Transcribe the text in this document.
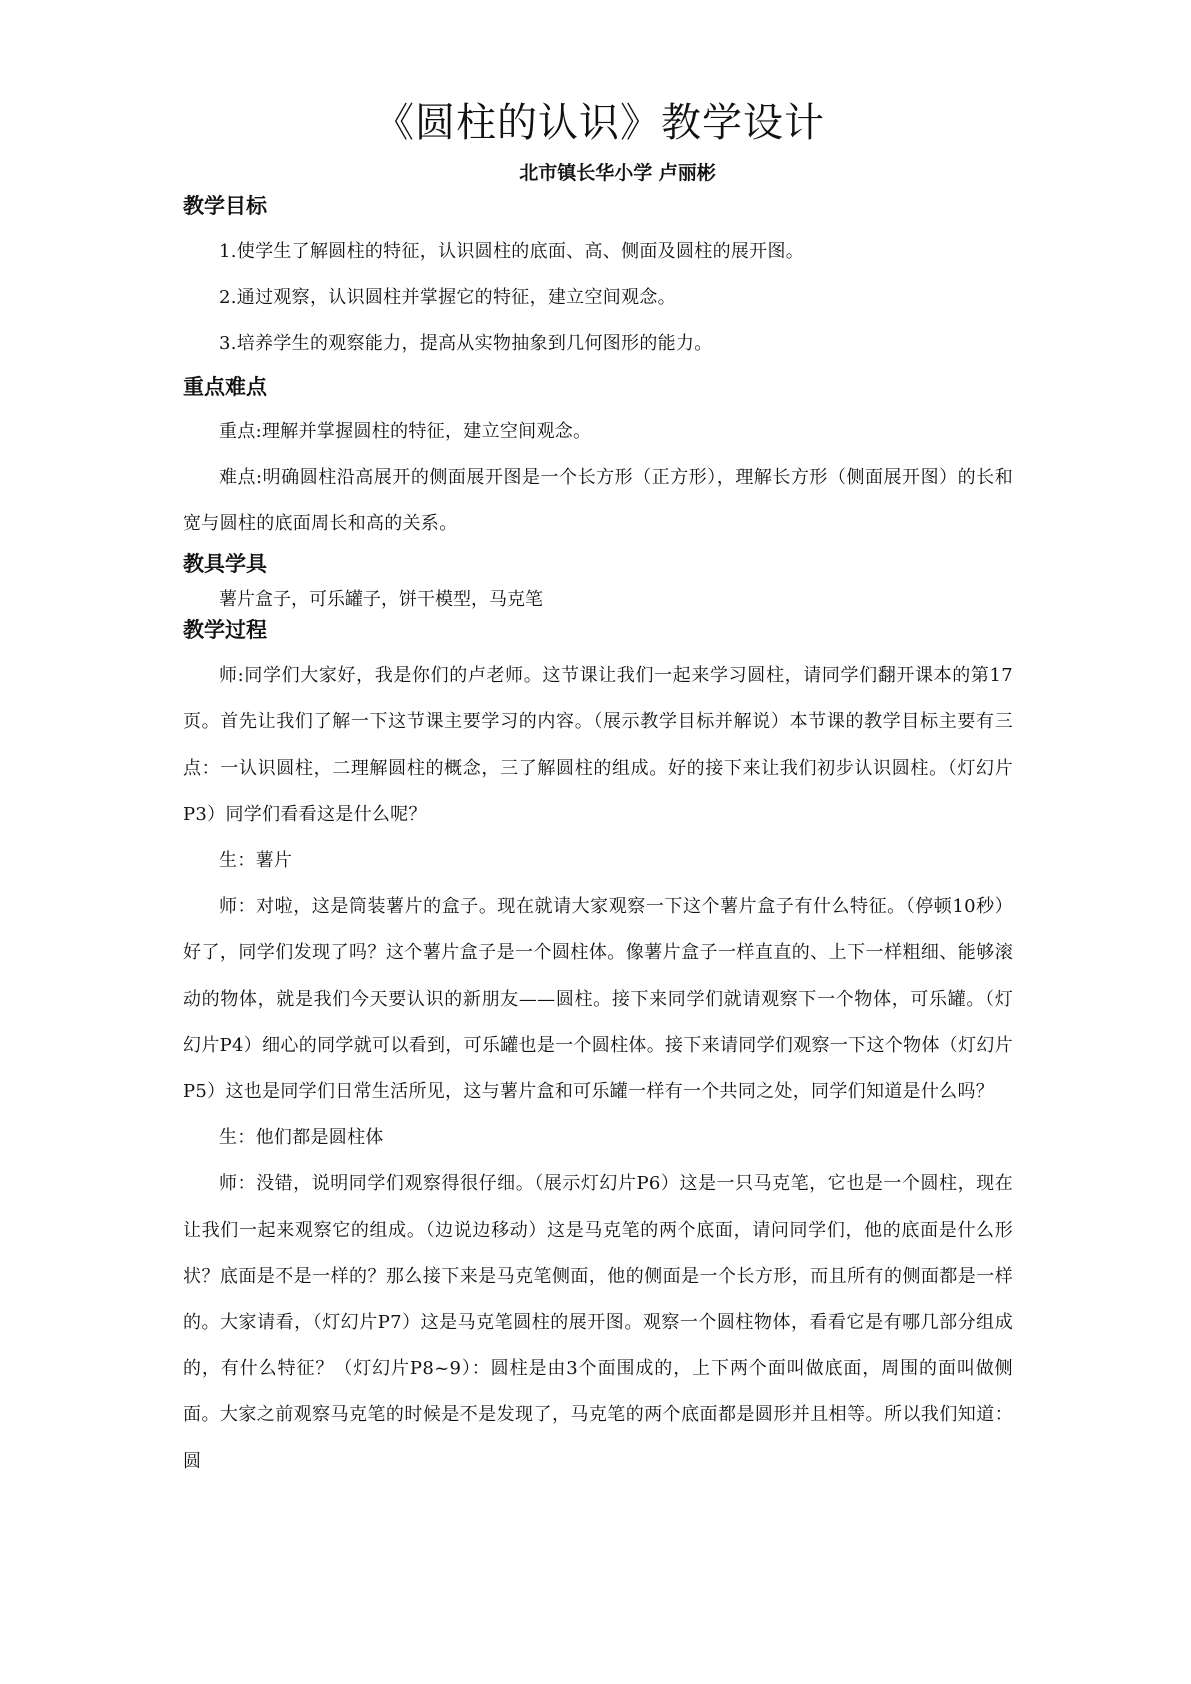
《圆柱的认识》教学设计
北市镇长华小学 卢丽彬
教学目标

1.使学生了解圆柱的特征，认识圆柱的底面、高、侧面及圆柱的展开图。

2.通过观察，认识圆柱并掌握它的特征，建立空间观念。

3.培养学生的观察能力，提高从实物抽象到几何图形的能力。

重点难点

重点:理解并掌握圆柱的特征，建立空间观念。

难点:明确圆柱沿高展开的侧面展开图是一个长方形（正方形），理解长方形（侧面展开图）的长和宽与圆柱的底面周长和高的关系。

教具学具

薯片盒子，可乐罐子，饼干模型，马克笔

教学过程

师:同学们大家好，我是你们的卢老师。这节课让我们一起来学习圆柱，请同学们翻开课本的第17页。首先让我们了解一下这节课主要学习的内容。（展示教学目标并解说）本节课的教学目标主要有三点：一认识圆柱，二理解圆柱的概念，三了解圆柱的组成。好的接下来让我们初步认识圆柱。（灯幻片P3）同学们看看这是什么呢？

生：薯片

师：对啦，这是筒装薯片的盒子。现在就请大家观察一下这个薯片盒子有什么特征。（停顿10秒）好了，同学们发现了吗？这个薯片盒子是一个圆柱体。像薯片盒子一样直直的、上下一样粗细、能够滚动的物体，就是我们今天要认识的新朋友——圆柱。接下来同学们就请观察下一个物体，可乐罐。（灯幻片P4）细心的同学就可以看到，可乐罐也是一个圆柱体。接下来请同学们观察一下这个物体（灯幻片P5）这也是同学们日常生活所见，这与薯片盒和可乐罐一样有一个共同之处，同学们知道是什么吗？

生：他们都是圆柱体

师：没错，说明同学们观察得很仔细。（展示灯幻片P6）这是一只马克笔，它也是一个圆柱，现在让我们一起来观察它的组成。（边说边移动）这是马克笔的两个底面，请问同学们，他的底面是什么形状？底面是不是一样的？那么接下来是马克笔侧面，他的侧面是一个长方形，而且所有的侧面都是一样的。大家请看，（灯幻片P7）这是马克笔圆柱的展开图。观察一个圆柱物体，看看它是有哪几部分组成的，有什么特征？（灯幻片P8~9）：圆柱是由3个面围成的，上下两个面叫做底面，周围的面叫做侧面。大家之前观察马克笔的时候是不是发现了，马克笔的两个底面都是圆形并且相等。所以我们知道：圆
